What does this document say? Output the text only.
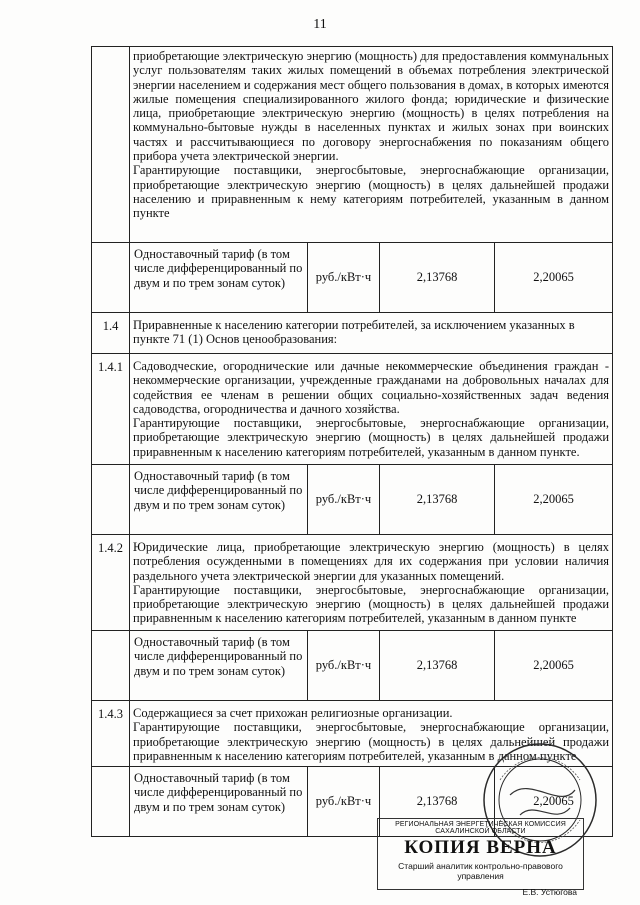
11

	приобретающие электрическую энергию (мощность) для предоставления коммунальных услуг пользователям таких жилых помещений в объемах потребления электрической энергии населением и содержания мест общего пользования в домах, в которых имеются жилые помещения специализированного жилого фонда; юридические и физические лица, приобретающие электрическую энергию (мощность) в целях потребления на коммунально-бытовые нужды в населенных пунктах и жилых зонах при воинских частях и рассчитывающиеся по договору энергоснабжения по показаниям общего прибора учета электрической энергии.

Гарантирующие поставщики, энергосбытовые, энергоснабжающие организации, приобретающие электрическую энергию (мощность) в целях дальнейшей продажи населению и приравненным к нему категориям потребителей, указанным в данном пункте			

	Одноставочный тариф (в том числе дифференцированный по двум и по трем зонам суток)	руб./кВт·ч	2,13768	2,20065
1.4	Приравненные к населению категории потребителей, за исключением указанных в пункте 71 (1) Основ ценообразования:			
1.4.1	Садоводческие, огороднические или дачные некоммерческие объединения граждан - некоммерческие организации, учрежденные гражданами на добровольных началах для содействия ее членам в решении общих социально-хозяйственных задач ведения садоводства, огородничества и дачного хозяйства.

Гарантирующие поставщики, энергосбытовые, энергоснабжающие организации, приобретающие электрическую энергию (мощность) в целях дальнейшей продажи приравненным к населению категориям потребителей, указанным в данном пункте.			

	Одноставочный тариф (в том числе дифференцированный по двум и по трем зонам суток)	руб./кВт·ч	2,13768	2,20065
1.4.2	Юридические лица, приобретающие электрическую энергию (мощность) в целях потребления осужденными в помещениях для их содержания при условии наличия раздельного учета электрической энергии для указанных помещений.

Гарантирующие поставщики, энергосбытовые, энергоснабжающие организации, приобретающие электрическую энергию (мощность) в целях дальнейшей продажи приравненным к населению категориям потребителей, указанным в данном пункте			

	Одноставочный тариф (в том числе дифференцированный по двум и по трем зонам суток)	руб./кВт·ч	2,13768	2,20065
1.4.3	Содержащиеся за счет прихожан религиозные организации.

Гарантирующие поставщики, энергосбытовые, энергоснабжающие организации, приобретающие электрическую энергию (мощность) в целях дальнейшей продажи приравненным к населению категориям потребителей, указанным в данном пункте			

	Одноставочный тариф (в том числе дифференцированный по двум и по трем зонам суток)	руб./кВт·ч	2,13768	2,20065
РЕГИОНАЛЬНАЯ ЭНЕРГЕТИЧЕСКАЯ КОМИССИЯ САХАЛИНСКОЙ ОБЛАСТИ
КОПИЯ ВЕРНА
Старший аналитик контрольно-правового управления
Е.В. Устюгова
